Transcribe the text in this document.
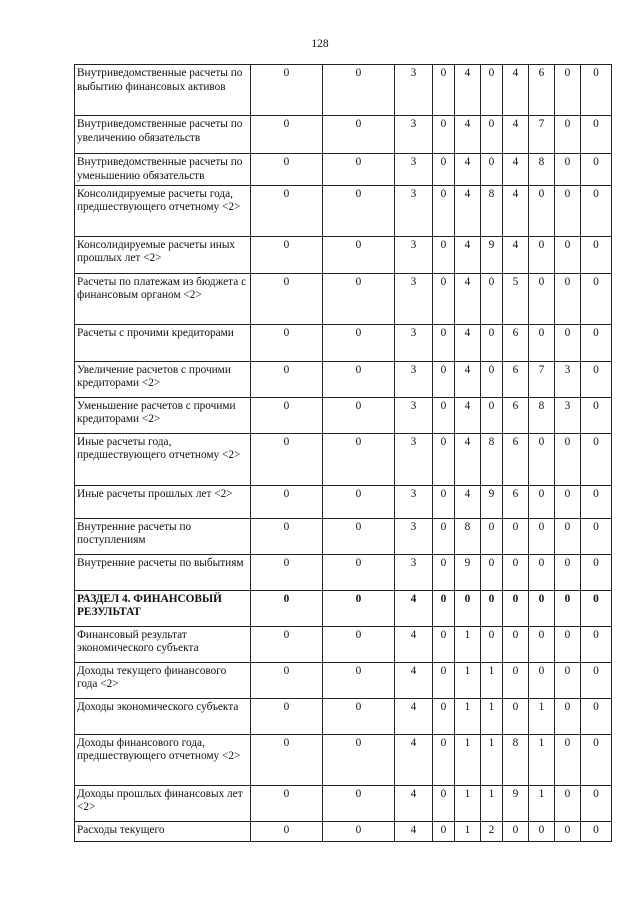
128
Внутриведомственные расчеты по выбытию финансовых активов	0	0	3	0	4	0	4	6	0	0
Внутриведомственные расчеты по увеличению обязательств	0	0	3	0	4	0	4	7	0	0
Внутриведомственные расчеты по уменьшению обязательств	0	0	3	0	4	0	4	8	0	0
Консолидируемые расчеты года, предшествующего отчетному <2>	0	0	3	0	4	8	4	0	0	0
Консолидируемые расчеты иных прошлых лет <2>	0	0	3	0	4	9	4	0	0	0
Расчеты по платежам из бюджета с финансовым органом <2>	0	0	3	0	4	0	5	0	0	0
Расчеты с прочими кредиторами	0	0	3	0	4	0	6	0	0	0
Увеличение расчетов с прочими кредиторами <2>	0	0	3	0	4	0	6	7	3	0
Уменьшение расчетов с прочими кредиторами <2>	0	0	3	0	4	0	6	8	3	0
Иные расчеты года, предшествующего отчетному <2>	0	0	3	0	4	8	6	0	0	0
Иные расчеты прошлых лет <2>	0	0	3	0	4	9	6	0	0	0
Внутренние расчеты по поступлениям	0	0	3	0	8	0	0	0	0	0
Внутренние расчеты по выбытиям	0	0	3	0	9	0	0	0	0	0
РАЗДЕЛ 4. ФИНАНСОВЫЙ РЕЗУЛЬТАТ	0	0	4	0	0	0	0	0	0	0
Финансовый результат экономического субъекта	0	0	4	0	1	0	0	0	0	0
Доходы текущего финансового года <2>	0	0	4	0	1	1	0	0	0	0
Доходы экономического субъекта	0	0	4	0	1	1	0	1	0	0
Доходы финансового года, предшествующего отчетному <2>	0	0	4	0	1	1	8	1	0	0
Доходы прошлых финансовых лет <2>	0	0	4	0	1	1	9	1	0	0
Расходы текущего	0	0	4	0	1	2	0	0	0	0
